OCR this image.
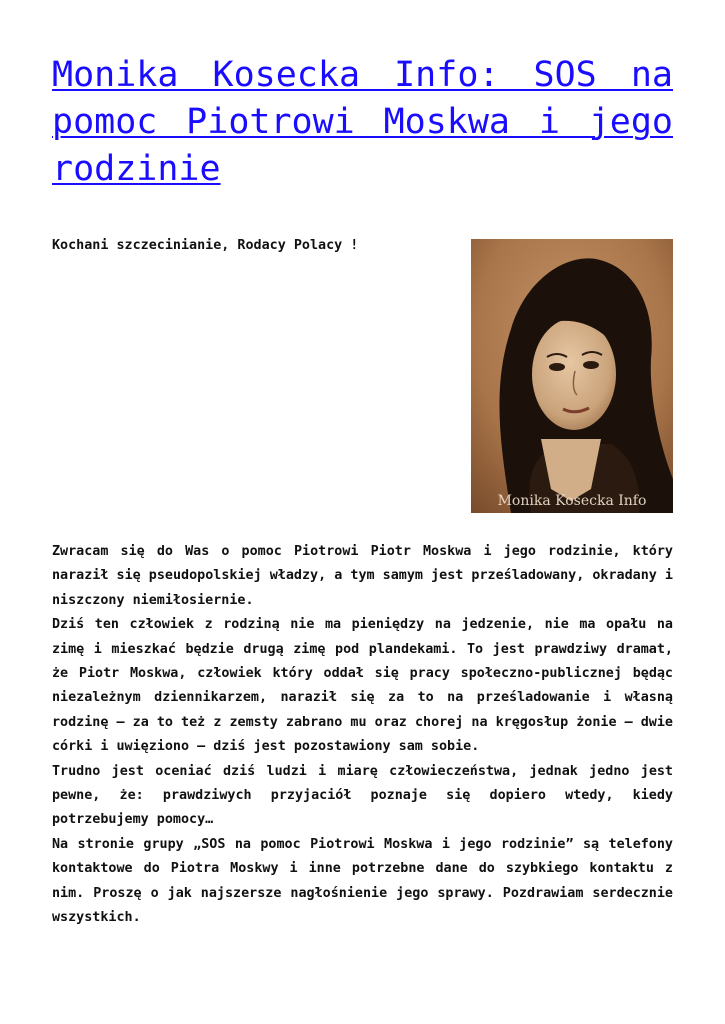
Monika Kosecka Info: SOS na
pomoc Piotrowi Moskwa i jego
rodzinie

Kochani szczecinianie, Rodacy Polacy !

Monika Kosecka Info

Zwracam się do Was o pomoc Piotrowi Piotr Moskwa i jego rodzinie, który naraził się pseudopolskiej władzy, a tym samym jest prześladowany, okradany i niszczony niemiłosiernie.

Dziś ten człowiek z rodziną nie ma pieniędzy na jedzenie, nie ma opału na zimę i mieszkać będzie drugą zimę pod plandekami. To jest prawdziwy dramat, że Piotr Moskwa, człowiek który oddał się pracy społeczno-publicznej będąc niezależnym dziennikarzem, naraził się za to na prześladowanie i własną rodzinę – za to też z zemsty zabrano mu oraz chorej na kręgosłup żonie – dwie córki i uwięziono – dziś jest pozostawiony sam sobie.

Trudno jest oceniać dziś ludzi i miarę człowieczeństwa, jednak jedno jest pewne, że: prawdziwych przyjaciół poznaje się dopiero wtedy, kiedy potrzebujemy pomocy…

Na stronie grupy „SOS na pomoc Piotrowi Moskwa i jego rodzinie” są telefony kontaktowe do Piotra Moskwy i inne potrzebne dane do szybkiego kontaktu z nim. Proszę o jak najszersze nagłośnienie jego sprawy. Pozdrawiam serdecznie wszystkich.
